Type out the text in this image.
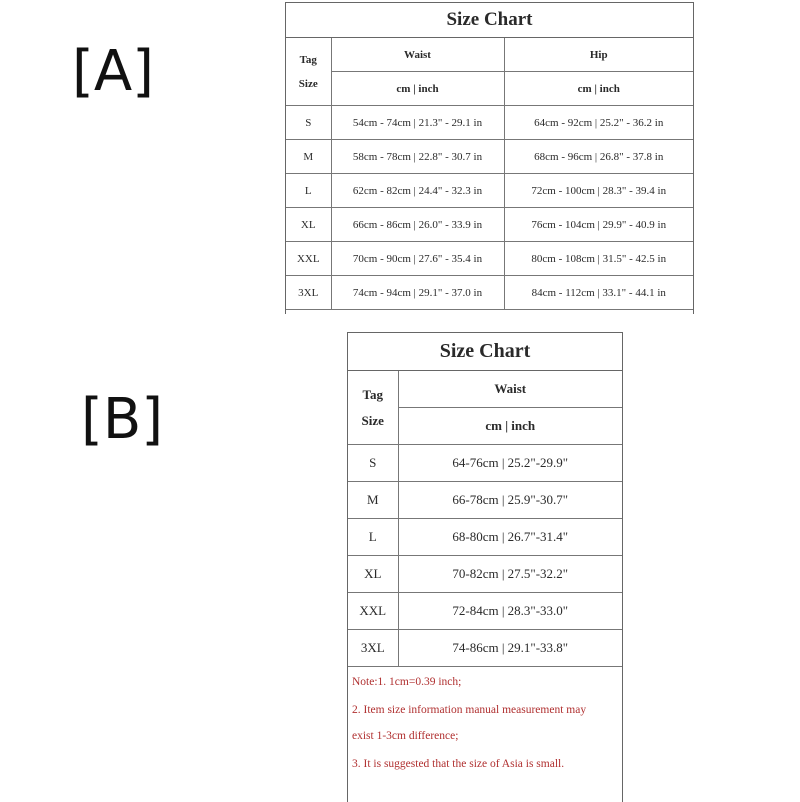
[A]
[B]
Size Chart
Tag
Size	Waist	Hip
	cm | inch	cm | inch
S	54cm - 74cm | 21.3" - 29.1 in	64cm - 92cm | 25.2" - 36.2 in
M	58cm - 78cm | 22.8" - 30.7 in	68cm - 96cm | 26.8" - 37.8 in
L	62cm - 82cm | 24.4" - 32.3 in	72cm - 100cm | 28.3" - 39.4 in
XL	66cm - 86cm | 26.0" - 33.9 in	76cm - 104cm | 29.9" - 40.9 in
XXL	70cm - 90cm | 27.6" - 35.4 in	80cm - 108cm | 31.5" - 42.5 in
3XL	74cm - 94cm | 29.1" - 37.0 in	84cm - 112cm | 33.1" - 44.1 in
Size Chart
Tag
Size	Waist
	cm | inch
S	64-76cm | 25.2"-29.9"
M	66-78cm | 25.9"-30.7"
L	68-80cm | 26.7"-31.4"
XL	70-82cm | 27.5"-32.2"
XXL	72-84cm | 28.3"-33.0"
3XL	74-86cm | 29.1"-33.8"
Note:1. 1cm=0.39 inch;
2. Item size information manual measurement may
exist 1-3cm difference;
3. It is suggested that the size of Asia is small.
